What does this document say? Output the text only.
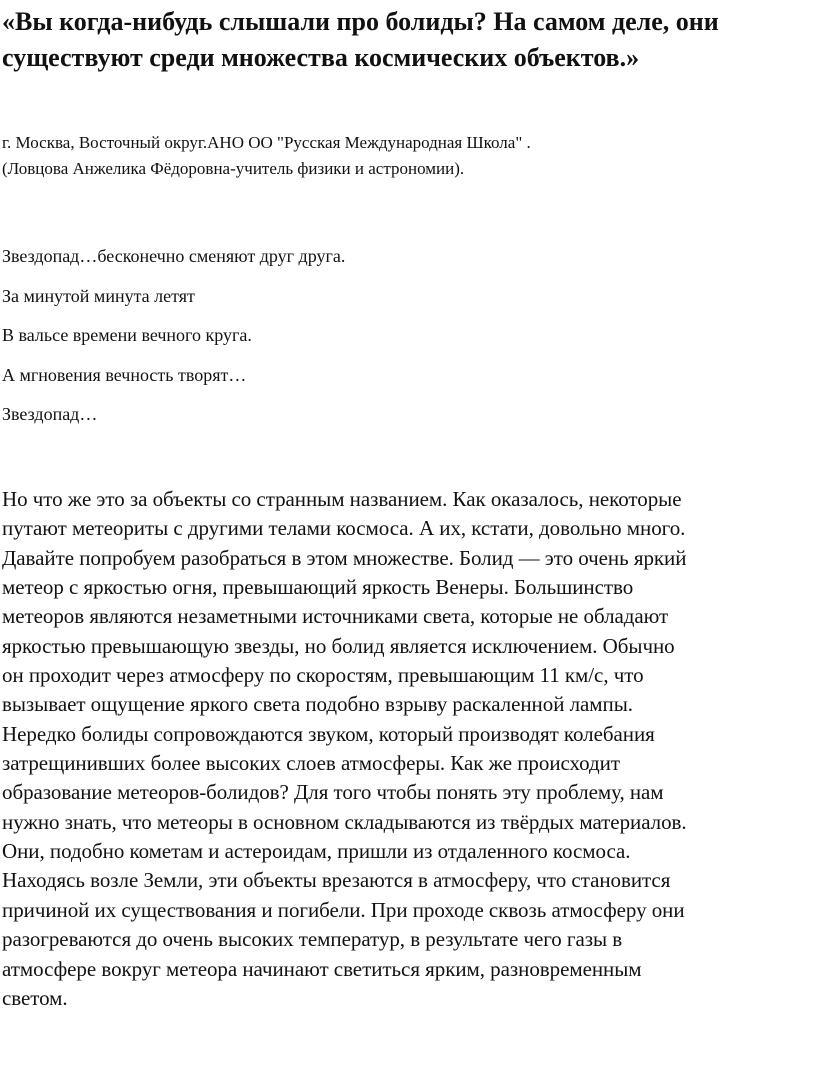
«Вы когда-нибудь слышали про болиды? На самом деле, они
существуют среди множества космических объектов.»
г. Москва, Восточный округ.АНО ОО "Русская Международная Школа" .
(Ловцова Анжелика Фёдоровна-учитель физики и астрономии).
Звездопад…бесконечно сменяют друг друга.
За минутой минута летят
В вальсе времени вечного круга.
А мгновения вечность творят…
Звездопад…

Но что же это за объекты со странным названием. Как оказалось, некоторые
путают метеориты с другими телами космоса. А их, кстати, довольно много.
Давайте попробуем разобраться в этом множестве. Болид — это очень яркий
метеор с яркостью огня, превышающий яркость Венеры. Большинство
метеоров являются незаметными источниками света, которые не обладают
яркостью превышающую звезды, но болид является исключением. Обычно
он проходит через атмосферу по скоростям, превышающим 11 км/с, что
вызывает ощущение яркого света подобно взрыву раскаленной лампы.
Нередко болиды сопровождаются звуком, который производят колебания
затрещинивших более высоких слоев атмосферы. Как же происходит
образование метеоров-болидов? Для того чтобы понять эту проблему, нам
нужно знать, что метеоры в основном складываются из твёрдых материалов.
Они, подобно кометам и астероидам, пришли из отдаленного космоса.
Находясь возле Земли, эти объекты врезаются в атмосферу, что становится
причиной их существования и погибели. При проходе сквозь атмосферу они
разогреваются до очень высоких температур, в результате чего газы в
атмосфере вокруг метеора начинают светиться ярким, разновременным
светом.
